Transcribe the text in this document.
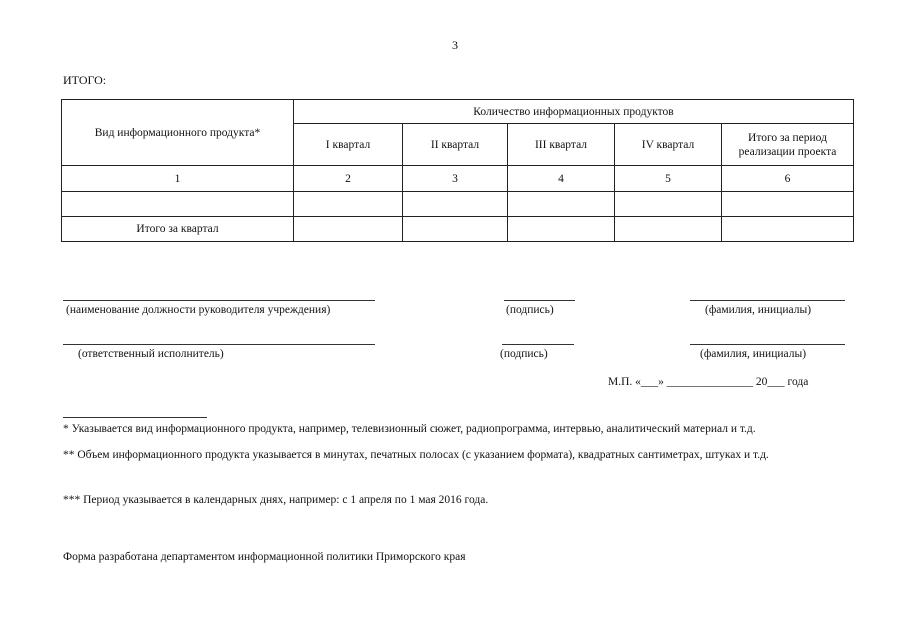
3
ИТОГО:
Вид информационного продукта*	Количество информационных продуктов				
	I квартал	II квартал	III квартал	IV квартал	Итого за период реализации проекта
1	2	3	4	5	6

Итого за квартал					
(наименование должности руководителя учреждения)	(подпись)	(фамилия, инициалы)
(ответственный исполнитель)	(подпись)	(фамилия, инициалы)
М.П. «___» _______________ 20___ года
* Указывается вид информационного продукта, например, телевизионный сюжет, радиопрограмма, интервью, аналитический материал и т.д.
** Объем информационного продукта указывается в минутах, печатных полосах (с указанием формата), квадратных сантиметрах, штуках и т.д.
*** Период указывается в календарных днях, например: с 1 апреля по 1 мая 2016 года.
Форма разработана департаментом информационной политики Приморского края
